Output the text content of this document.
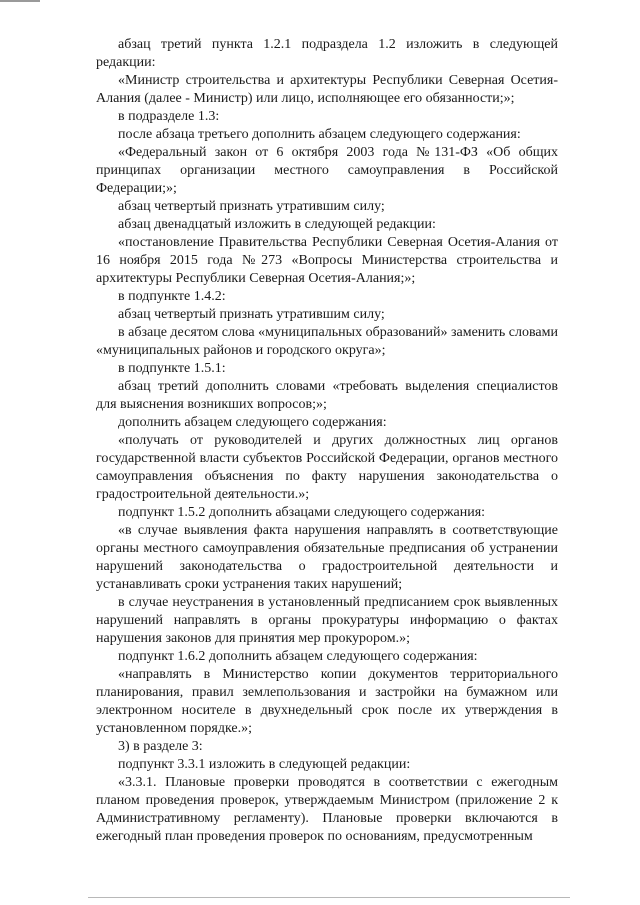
абзац третий пункта 1.2.1 подраздела 1.2 изложить в следующей редакции:

«Министр строительства и архитектуры Республики Северная Осетия-Алания (далее - Министр) или лицо, исполняющее его обязанности;»;

в подразделе 1.3:

после абзаца третьего дополнить абзацем следующего содержания:

«Федеральный закон от 6 октября 2003 года №131-ФЗ «Об общих принципах организации местного самоуправления в Российской Федерации;»;

абзац четвертый признать утратившим силу;

абзац двенадцатый изложить в следующей редакции:

«постановление Правительства Республики Северная Осетия-Алания от 16 ноября 2015 года №273 «Вопросы Министерства строительства и архитектуры Республики Северная Осетия-Алания;»;

в подпункте 1.4.2:

абзац четвертый признать утратившим силу;

в абзаце десятом слова «муниципальных образований» заменить словами «муниципальных районов и городского округа»;

в подпункте 1.5.1:

абзац третий дополнить словами «требовать выделения специалистов для выяснения возникших вопросов;»;

дополнить абзацем следующего содержания:

«получать от руководителей и других должностных лиц органов государственной власти субъектов Российской Федерации, органов местного самоуправления объяснения по факту нарушения законодательства о градостроительной деятельности.»;

подпункт 1.5.2 дополнить абзацами следующего содержания:

«в случае выявления факта нарушения направлять в соответствующие органы местного самоуправления обязательные предписания об устранении нарушений законодательства о градостроительной деятельности и устанавливать сроки устранения таких нарушений;

в случае неустранения в установленный предписанием срок выявленных нарушений направлять в органы прокуратуры информацию о фактах нарушения законов для принятия мер прокурором.»;

подпункт 1.6.2 дополнить абзацем следующего содержания:

«направлять в Министерство копии документов территориального планирования, правил землепользования и застройки на бумажном или электронном носителе в двухнедельный срок после их утверждения в установленном порядке.»;

3) в разделе 3:

подпункт 3.3.1 изложить в следующей редакции:

«3.3.1. Плановые проверки проводятся в соответствии с ежегодным планом проведения проверок, утверждаемым Министром (приложение 2 к Административному регламенту). Плановые проверки включаются в ежегодный план проведения проверок по основаниям, предусмотренным
